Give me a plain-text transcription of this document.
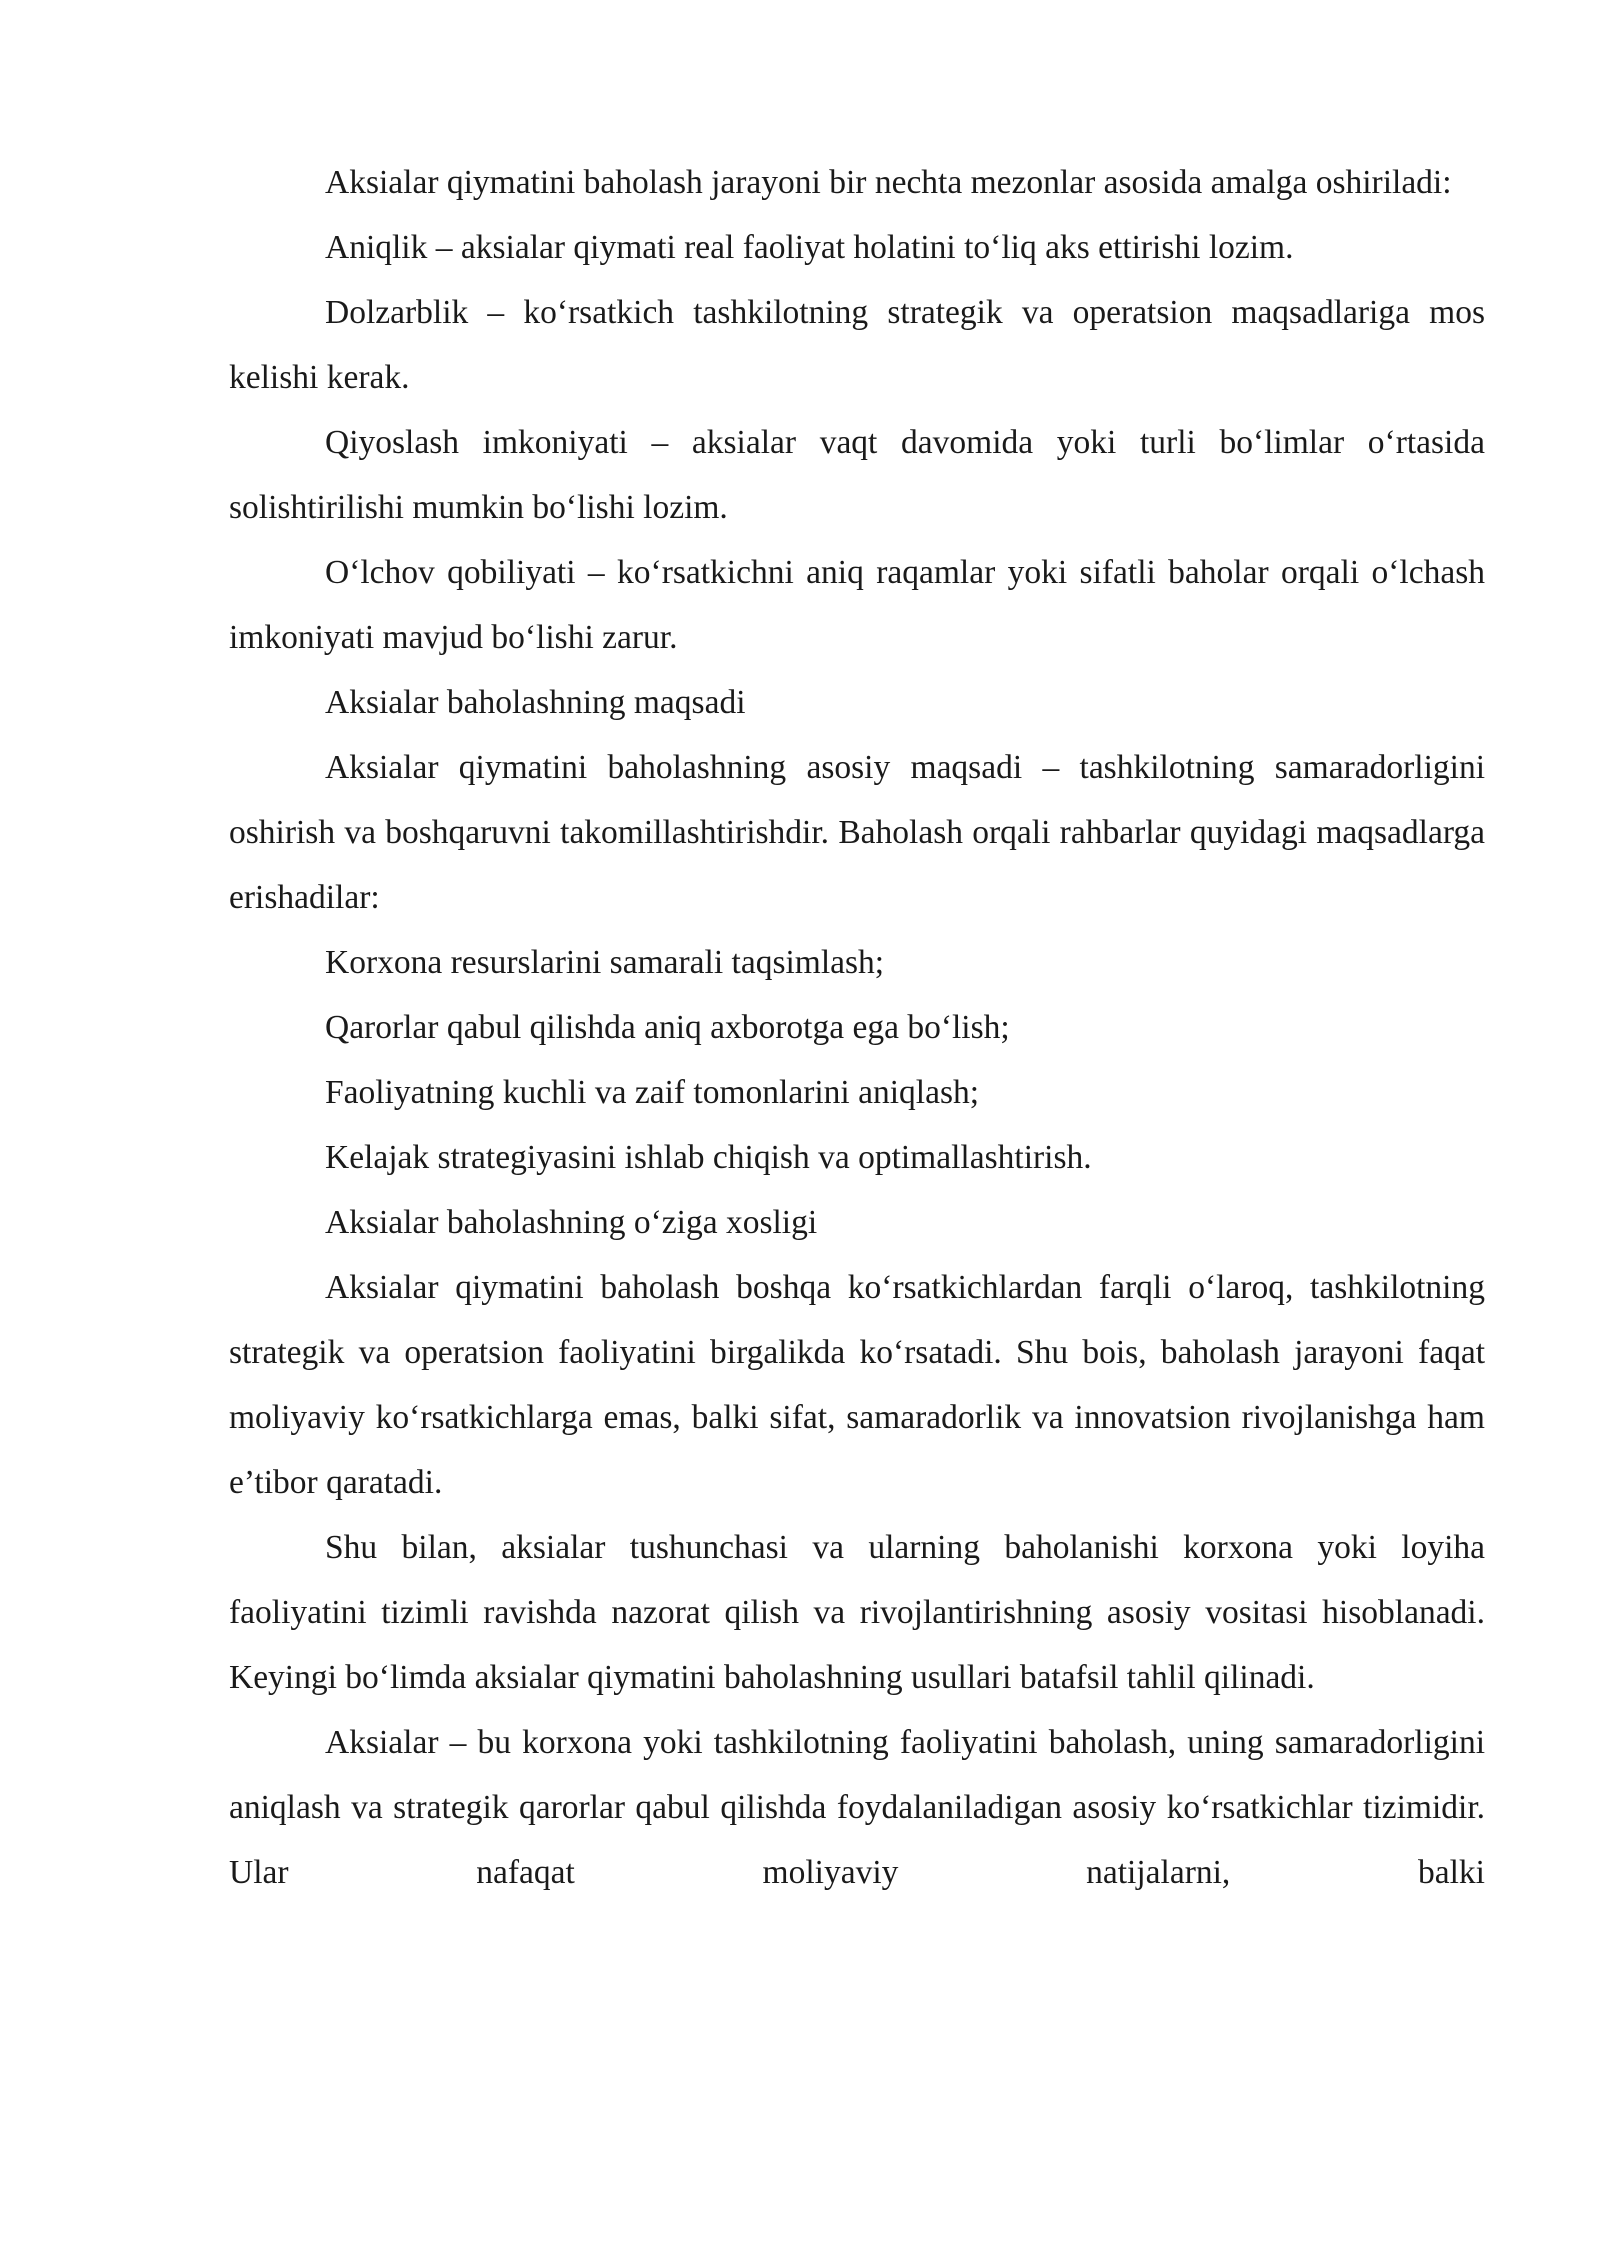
Aksialar qiymatini baholash jarayoni bir nechta mezonlar asosida amalga oshiriladi:

Aniqlik – aksialar qiymati real faoliyat holatini to‘liq aks ettirishi lozim.

Dolzarblik – ko‘rsatkich tashkilotning strategik va operatsion maqsadlariga mos kelishi kerak.

Qiyoslash imkoniyati – aksialar vaqt davomida yoki turli bo‘limlar o‘rtasida solishtirilishi mumkin bo‘lishi lozim.

O‘lchov qobiliyati – ko‘rsatkichni aniq raqamlar yoki sifatli baholar orqali o‘lchash imkoniyati mavjud bo‘lishi zarur.

Aksialar baholashning maqsadi

Aksialar qiymatini baholashning asosiy maqsadi – tashkilotning samaradorligini oshirish va boshqaruvni takomillashtirishdir. Baholash orqali rahbarlar quyidagi maqsadlarga erishadilar:

Korxona resurslarini samarali taqsimlash;

Qarorlar qabul qilishda aniq axborotga ega bo‘lish;

Faoliyatning kuchli va zaif tomonlarini aniqlash;

Kelajak strategiyasini ishlab chiqish va optimallashtirish.

Aksialar baholashning o‘ziga xosligi

Aksialar qiymatini baholash boshqa ko‘rsatkichlardan farqli o‘laroq, tashkilotning strategik va operatsion faoliyatini birgalikda ko‘rsatadi. Shu bois, baholash jarayoni faqat moliyaviy ko‘rsatkichlarga emas, balki sifat, samaradorlik va innovatsion rivojlanishga ham e’tibor qaratadi.

Shu bilan, aksialar tushunchasi va ularning baholanishi korxona yoki loyiha faoliyatini tizimli ravishda nazorat qilish va rivojlantirishning asosiy vositasi hisoblanadi. Keyingi bo‘limda aksialar qiymatini baholashning usullari batafsil tahlil qilinadi.

Aksialar – bu korxona yoki tashkilotning faoliyatini baholash, uning samaradorligini aniqlash va strategik qarorlar qabul qilishda foydalaniladigan asosiy ko‘rsatkichlar tizimidir. Ular nafaqat moliyaviy natijalarni, balki
